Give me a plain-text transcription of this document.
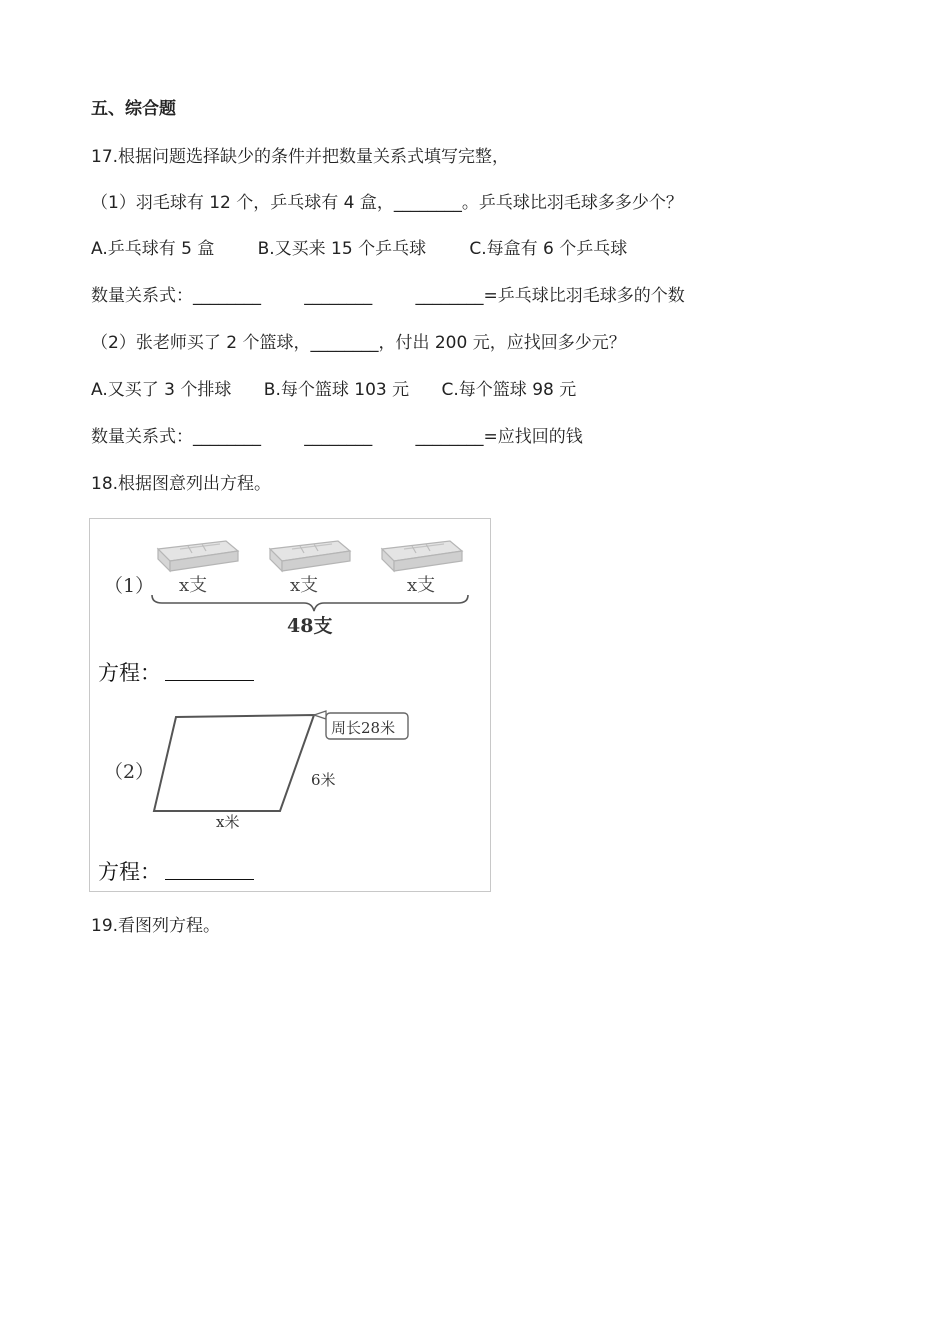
五、综合题
17.根据问题选择缺少的条件并把数量关系式填写完整，
（1）羽毛球有 12 个，乒乓球有 4 盒，________。乒乓球比羽毛球多多少个？
A.乒乓球有 5 盒        B.又买来 15 个乒乓球        C.每盒有 6 个乒乓球
数量关系式：________        ________        ________=乒乓球比羽毛球多的个数
（2）张老师买了 2 个篮球，________，付出 200 元，应找回多少元？
A.又买了 3 个排球      B.每个篮球 103 元      C.每个篮球 98 元
数量关系式：________        ________        ________=应找回的钱
18.根据图意列出方程。
（1） x支	x支	x支
48支
方程：
（2）
周长28米
6米
x米
方程：
19.看图列方程。
